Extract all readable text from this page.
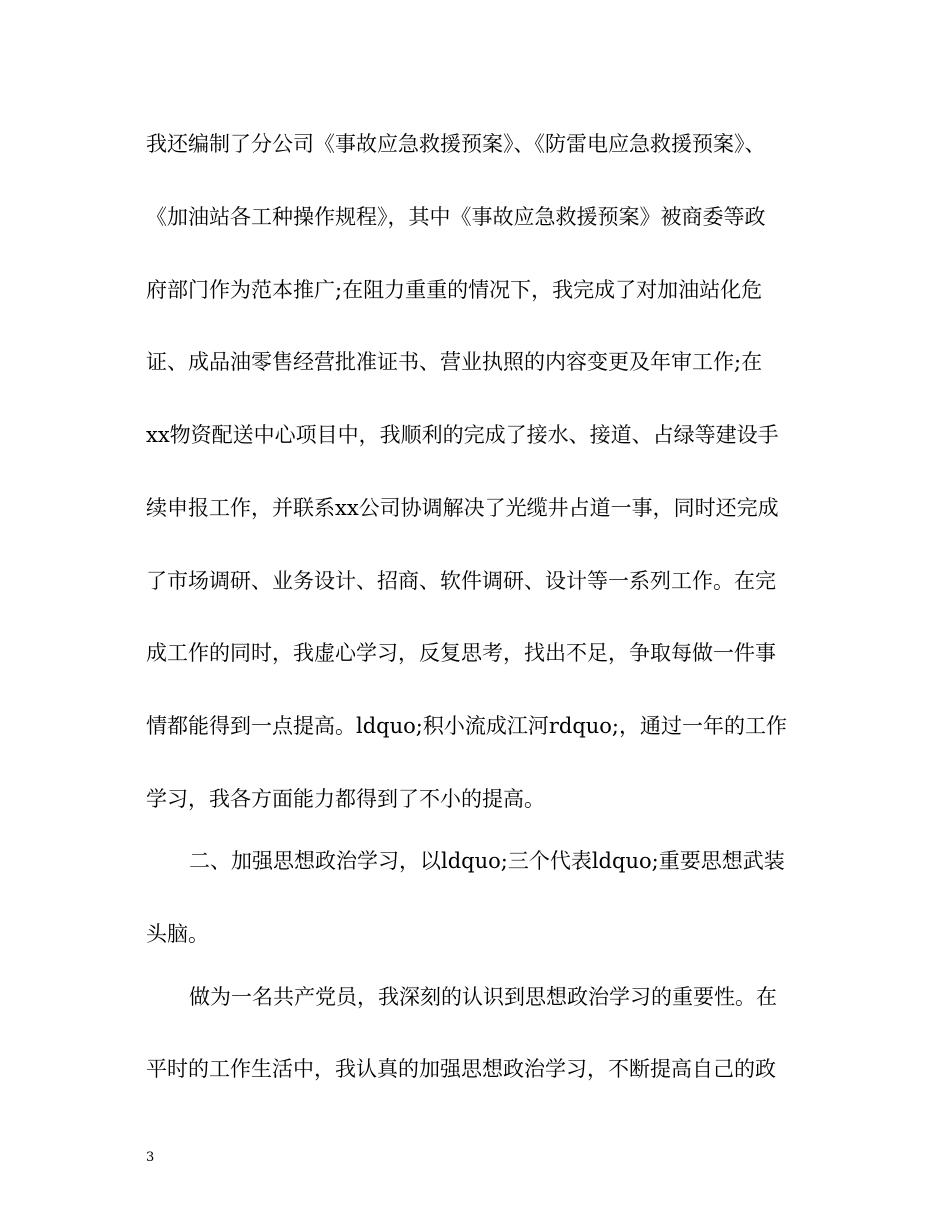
我还编制了分公司《事故应急救援预案》、《防雷电应急救援预案》、
《加油站各工种操作规程》，其中《事故应急救援预案》被商委等政
府部门作为范本推广;在阻力重重的情况下，我完成了对加油站化危
证、成品油零售经营批准证书、营业执照的内容变更及年审工作;在
xx物资配送中心项目中，我顺利的完成了接水、接道、占绿等建设手
续申报工作，并联系xx公司协调解决了光缆井占道一事，同时还完成
了市场调研、业务设计、招商、软件调研、设计等一系列工作。在完
成工作的同时，我虚心学习，反复思考，找出不足，争取每做一件事
情都能得到一点提高。ldquo;积小流成江河rdquo;，通过一年的工作
学习，我各方面能力都得到了不小的提高。
二、加强思想政治学习，以ldquo;三个代表ldquo;重要思想武装
头脑。
做为一名共产党员，我深刻的认识到思想政治学习的重要性。在
平时的工作生活中，我认真的加强思想政治学习，不断提高自己的政
3
